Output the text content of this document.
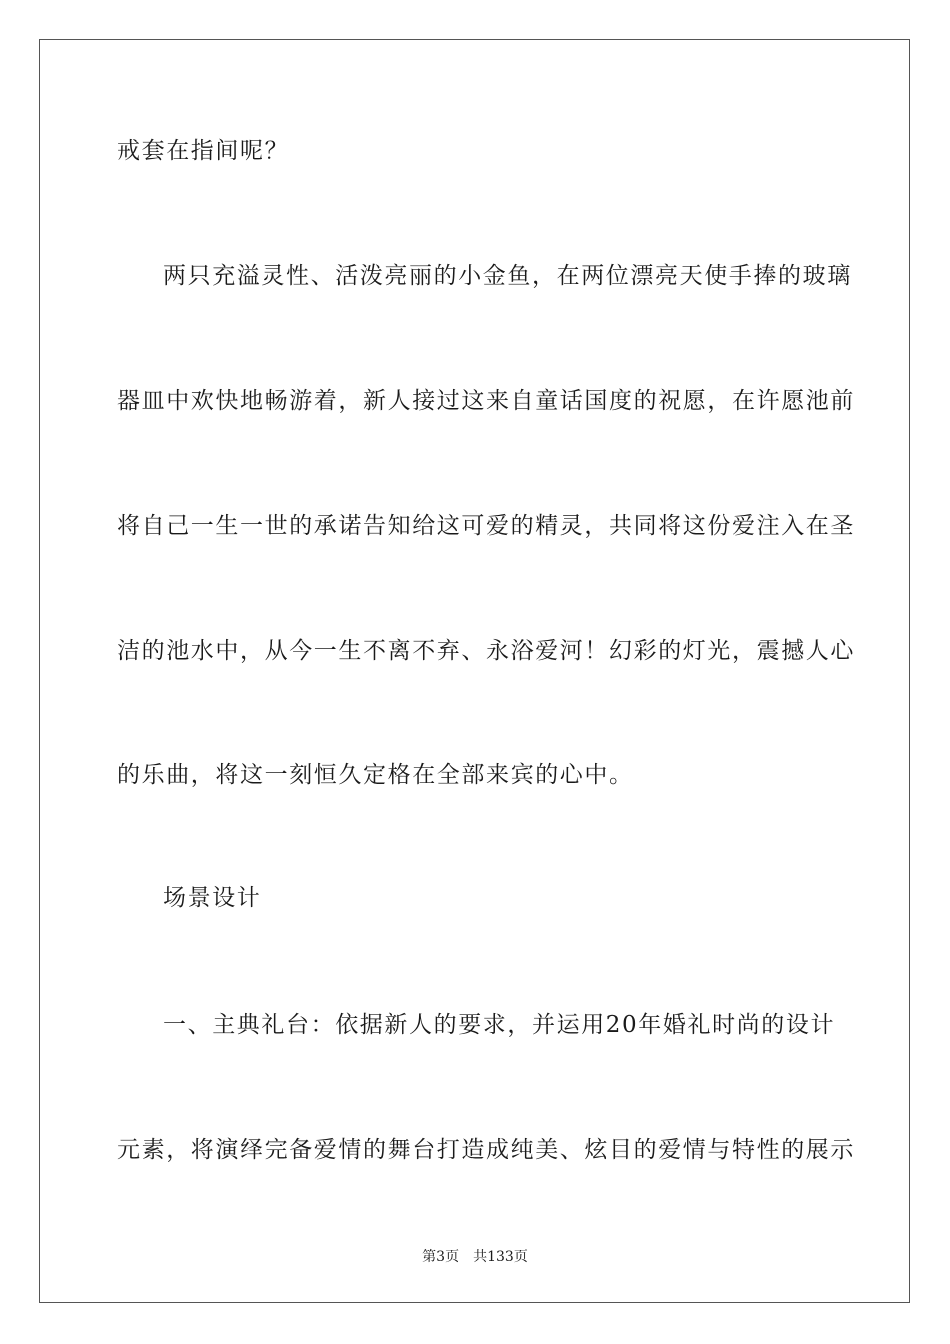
戒套在指间呢？
两只充溢灵性、活泼亮丽的小金鱼，在两位漂亮天使手捧的玻璃
器皿中欢快地畅游着，新人接过这来自童话国度的祝愿，在许愿池前
将自己一生一世的承诺告知给这可爱的精灵，共同将这份爱注入在圣
洁的池水中，从今一生不离不弃、永浴爱河！幻彩的灯光，震撼人心
的乐曲，将这一刻恒久定格在全部来宾的心中。
场景设计
一、主典礼台：依据新人的要求，并运用20年婚礼时尚的设计
元素，将演绎完备爱情的舞台打造成纯美、炫目的爱情与特性的展示
第3页 共133页
